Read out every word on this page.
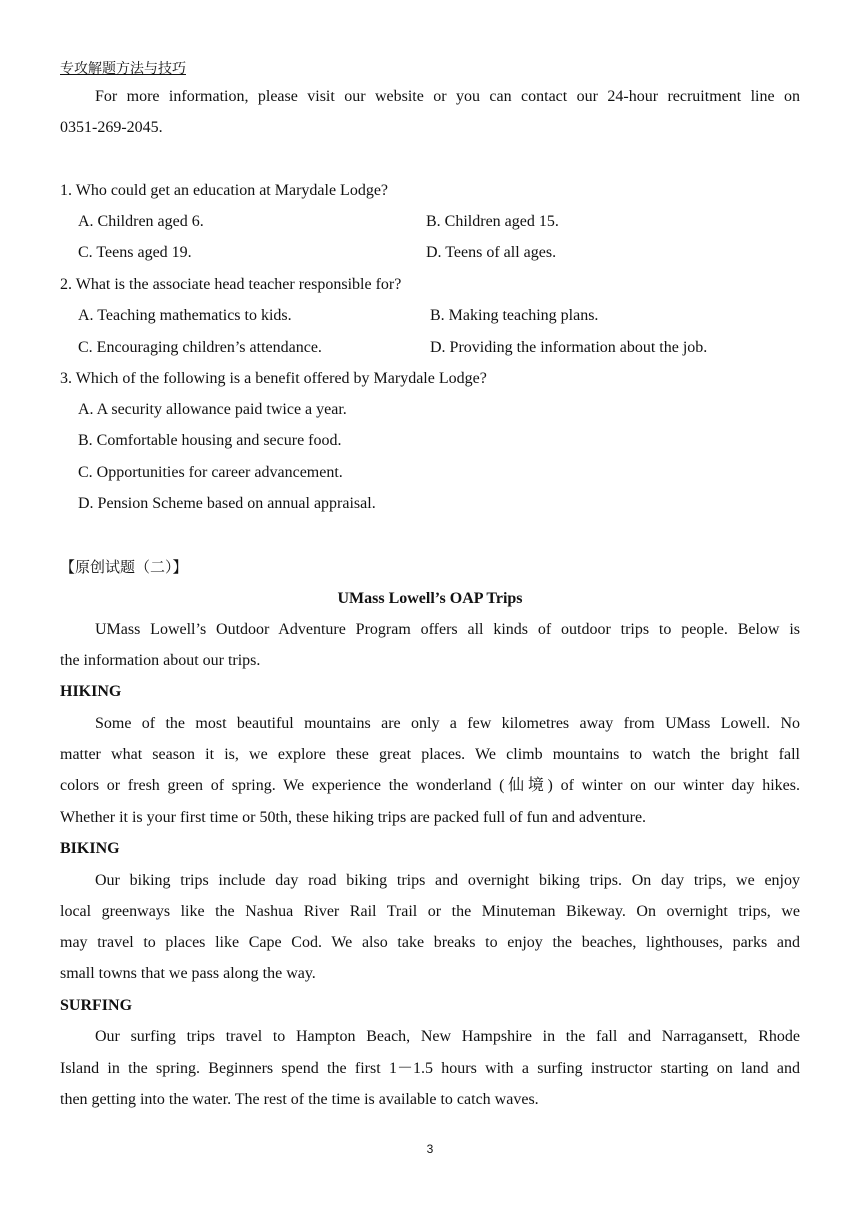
专攻解题方法与技巧
For more information, please visit our website or you can contact our 24-hour recruitment line on
0351-269-2045.
1. Who could get an education at Marydale Lodge?
A. Children aged 6.	B. Children aged 15.
C. Teens aged 19.	D. Teens of all ages.
2. What is the associate head teacher responsible for?
A. Teaching mathematics to kids.	B. Making teaching plans.
C. Encouraging children’s attendance.	D. Providing the information about the job.
3. Which of the following is a benefit offered by Marydale Lodge?
A. A security allowance paid twice a year.
B. Comfortable housing and secure food.
C. Opportunities for career advancement.
D. Pension Scheme based on annual appraisal.
【原创试题（二）】
UMass Lowell’s OAP Trips
UMass Lowell’s Outdoor Adventure Program offers all kinds of outdoor trips to people. Below is
the information about our trips.
HIKING
Some of the most beautiful mountains are only a few kilometres away from UMass Lowell. No
matter what season it is, we explore these great places. We climb mountains to watch the bright fall
colors or fresh green of spring. We experience the wonderland (仙境) of winter on our winter day hikes.
Whether it is your first time or 50th, these hiking trips are packed full of fun and adventure.
BIKING
Our biking trips include day road biking trips and overnight biking trips. On day trips, we enjoy
local greenways like the Nashua River Rail Trail or the Minuteman Bikeway. On overnight trips, we
may travel to places like Cape Cod. We also take breaks to enjoy the beaches, lighthouses, parks and
small towns that we pass along the way.
SURFING
Our surfing trips travel to Hampton Beach, New Hampshire in the fall and Narragansett, Rhode
Island in the spring. Beginners spend the first 1－1.5 hours with a surfing instructor starting on land and
then getting into the water. The rest of the time is available to catch waves.
3
